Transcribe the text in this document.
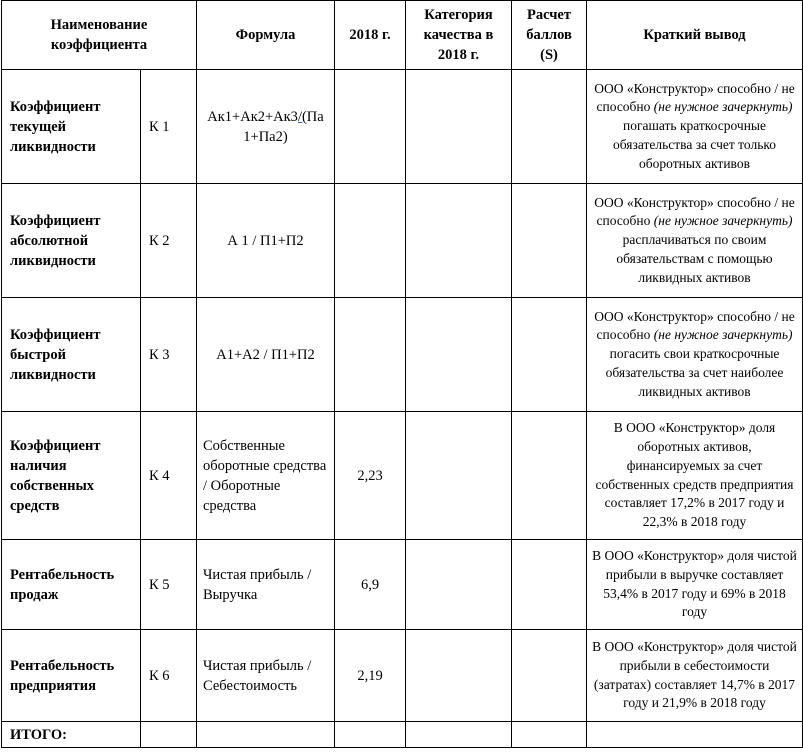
Наименование коэффициента		Формула	2018 г.	Категория качества в 2018 г.	Расчет баллов (S)	Краткий вывод
Коэффициент текущей ликвидности	К 1	Ак1+Ак2+Ак3/(Па 1+Па2)				ООО «Конструктор» способно / не способно (не нужное зачеркнуть) погашать краткосрочные обязательства за счет только оборотных активов
Коэффициент абсолютной ликвидности	К 2	А 1 / П1+П2				ООО «Конструктор» способно / не способно (не нужное зачеркнуть) расплачиваться по своим обязательствам с помощью ликвидных активов
Коэффициент быстрой ликвидности	К 3	А1+А2 / П1+П2				ООО «Конструктор» способно / не способно (не нужное зачеркнуть) погасить свои краткосрочные обязательства за счет наиболее ликвидных активов
Коэффициент наличия собственных средств	К 4	Собственные оборотные средства / Оборотные средства	2,23			В ООО «Конструктор» доля оборотных активов, финансируемых за счет собственных средств предприятия составляет 17,2% в 2017 году и 22,3% в 2018 году
Рентабельность продаж	К 5	Чистая прибыль / Выручка	6,9			В ООО «Конструктор» доля чистой прибыли в выручке составляет 53,4% в 2017 году и 69% в 2018 году
Рентабельность предприятия	К 6	Чистая прибыль / Себестоимость	2,19			В ООО «Конструктор» доля чистой прибыли в себестоимости (затратах) составляет 14,7% в 2017 году и 21,9% в 2018 году
ИТОГО:						
